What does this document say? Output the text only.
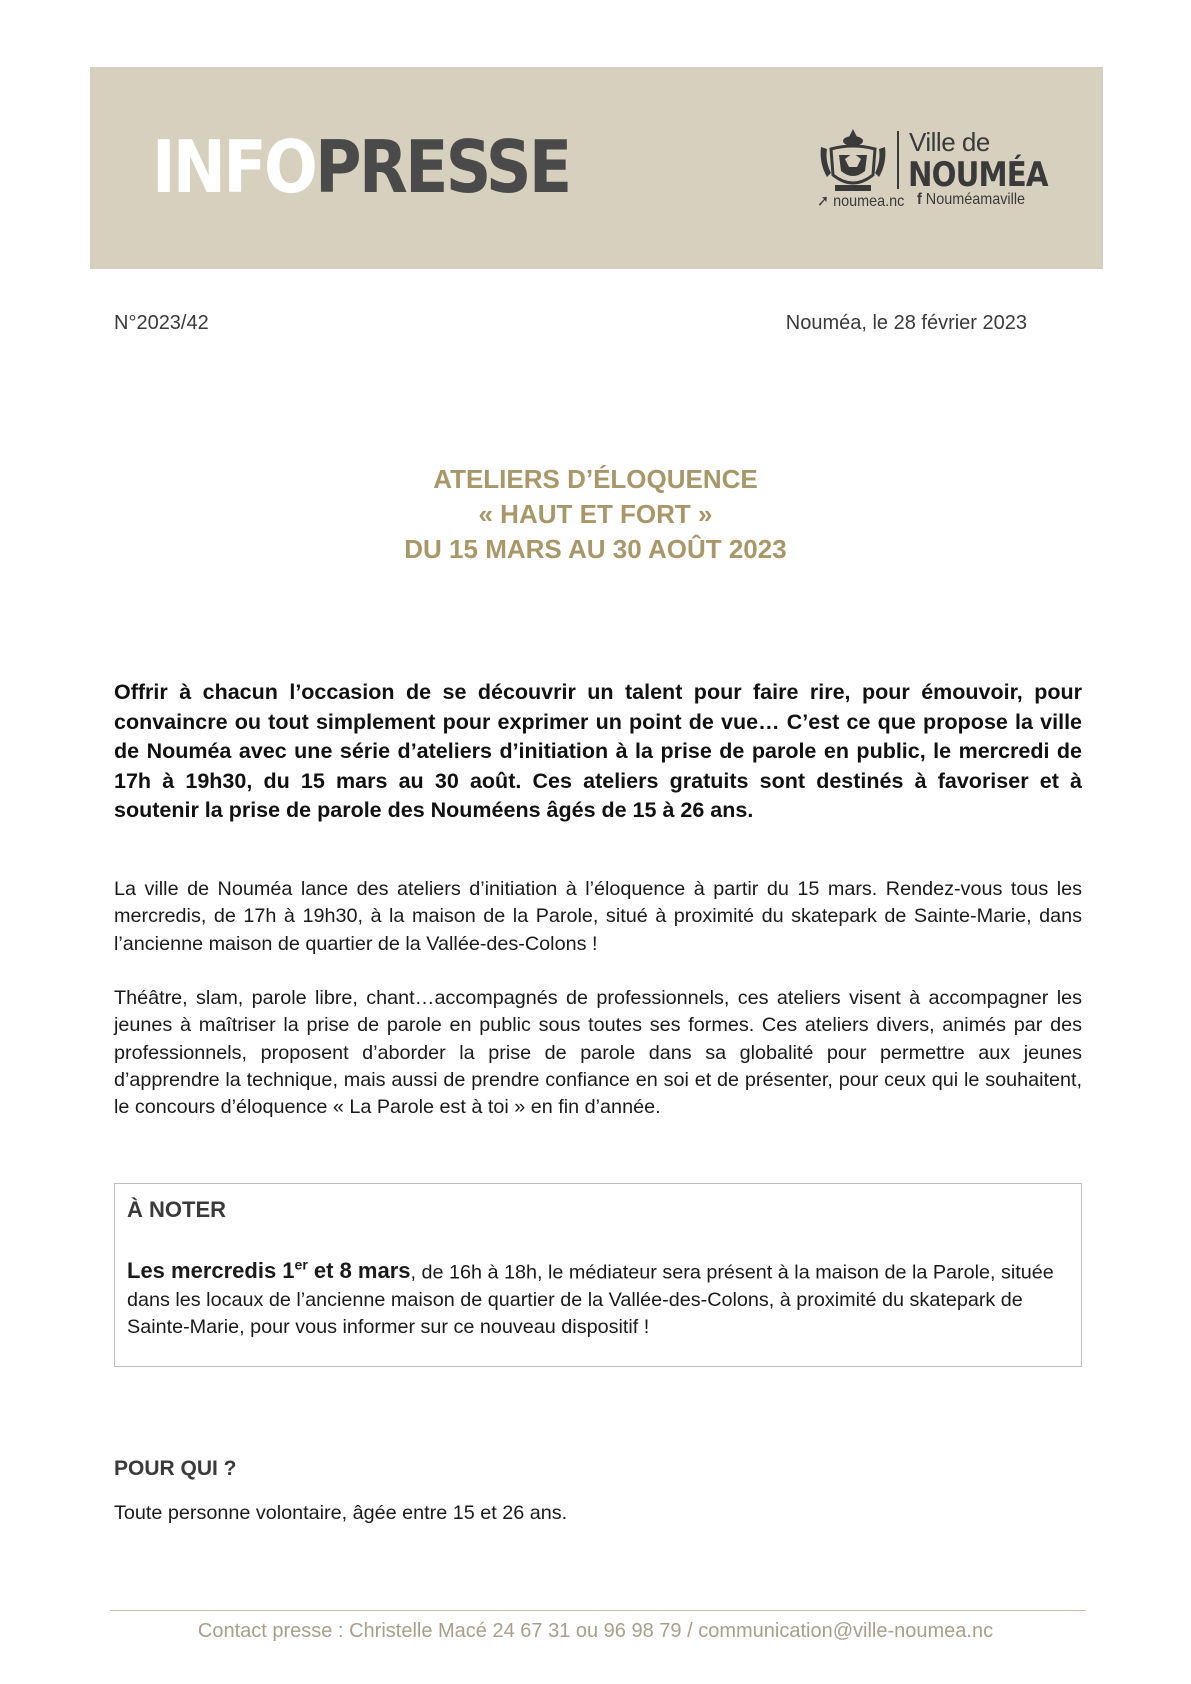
INFOPRESSE	Ville de
NOUMÉA
➚ noumea.nc f Nouméamaville
N°2023/42	Nouméa, le 28 février 2023
ATELIERS D’ÉLOQUENCE
« HAUT ET FORT »
DU 15 MARS AU 30 AOÛT 2023
Offrir à chacun l’occasion de se découvrir un talent pour faire rire, pour émouvoir, pour convaincre ou tout simplement pour exprimer un point de vue… C’est ce que propose la ville de Nouméa avec une série d’ateliers d’initiation à la prise de parole en public, le mercredi de 17h à 19h30, du 15 mars au 30 août. Ces ateliers gratuits sont destinés à favoriser et à soutenir la prise de parole des Nouméens âgés de 15 à 26 ans.
La ville de Nouméa lance des ateliers d’initiation à l’éloquence à partir du 15 mars. Rendez-vous tous les mercredis, de 17h à 19h30, à la maison de la Parole, situé à proximité du skatepark de Sainte-Marie, dans l’ancienne maison de quartier de la Vallée-des-Colons !
Théâtre, slam, parole libre, chant…accompagnés de professionnels, ces ateliers visent à accompagner les jeunes à maîtriser la prise de parole en public sous toutes ses formes. Ces ateliers divers, animés par des professionnels, proposent d’aborder la prise de parole dans sa globalité pour permettre aux jeunes d’apprendre la technique, mais aussi de prendre confiance en soi et de présenter, pour ceux qui le souhaitent, le concours d’éloquence « La Parole est à toi » en fin d’année.
À NOTER
Les mercredis 1er et 8 mars, de 16h à 18h, le médiateur sera présent à la maison de la Parole, située dans les locaux de l’ancienne maison de quartier de la Vallée-des-Colons, à proximité du skatepark de Sainte-Marie, pour vous informer sur ce nouveau dispositif !
POUR QUI ?
Toute personne volontaire, âgée entre 15 et 26 ans.
Contact presse : Christelle Macé 24 67 31 ou 96 98 79 / communication@ville-noumea.nc
